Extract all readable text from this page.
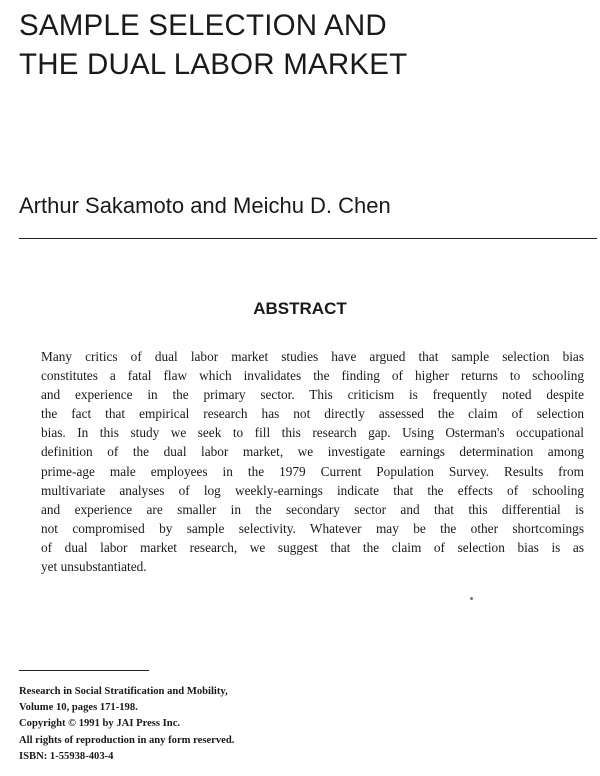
SAMPLE SELECTION AND
THE DUAL LABOR MARKET
Arthur Sakamoto and Meichu D. Chen
ABSTRACT

Many critics of dual labor market studies have argued that sample selection bias
constitutes a fatal flaw which invalidates the finding of higher returns to schooling
and experience in the primary sector. This criticism is frequently noted despite
the fact that empirical research has not directly assessed the claim of selection
bias. In this study we seek to fill this research gap. Using Osterman's occupational
definition of the dual labor market, we investigate earnings determination among
prime-age male employees in the 1979 Current Population Survey. Results from
multivariate analyses of log weekly-earnings indicate that the effects of schooling
and experience are smaller in the secondary sector and that this differential is
not compromised by sample selectivity. Whatever may be the other shortcomings
of dual labor market research, we suggest that the claim of selection bias is as
yet unsubstantiated.

Research in Social Stratification and Mobility,
Volume 10, pages 171-198.
Copyright © 1991 by JAI Press Inc.
All rights of reproduction in any form reserved.
ISBN: 1-55938-403-4
